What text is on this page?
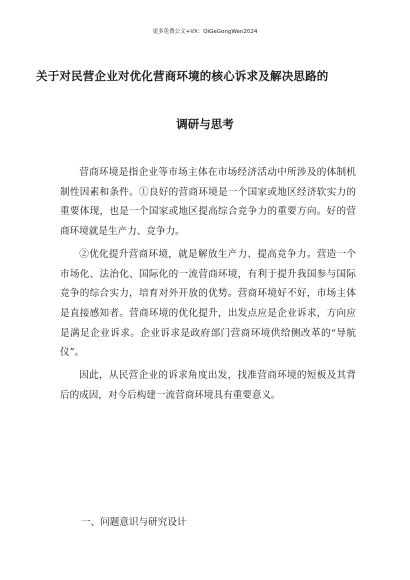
更多免费公文+VX：QiGeGongWen2024
关于对民营企业对优化营商环境的核心诉求及解决思路的
调研与思考

营商环境是指企业等市场主体在市场经济活动中所涉及的体制机制性因素和条件。①良好的营商环境是一个国家或地区经济软实力的重要体现，也是一个国家或地区提高综合竞争力的重要方向。好的营商环境就是生产力、竞争力。

②优化提升营商环境，就是解放生产力、提高竞争力。营造一个市场化、法治化、国际化的一流营商环境，有利于提升我国参与国际竞争的综合实力，培育对外开放的优势。营商环境好不好，市场主体是直接感知者。营商环境的优化提升，出发点应是企业诉求，方向应是满足企业诉求。企业诉求是政府部门营商环境供给侧改革的“导航仪”。

因此，从民营企业的诉求角度出发，找准营商环境的短板及其背后的成因，对今后构建一流营商环境具有重要意义。

一、问题意识与研究设计
